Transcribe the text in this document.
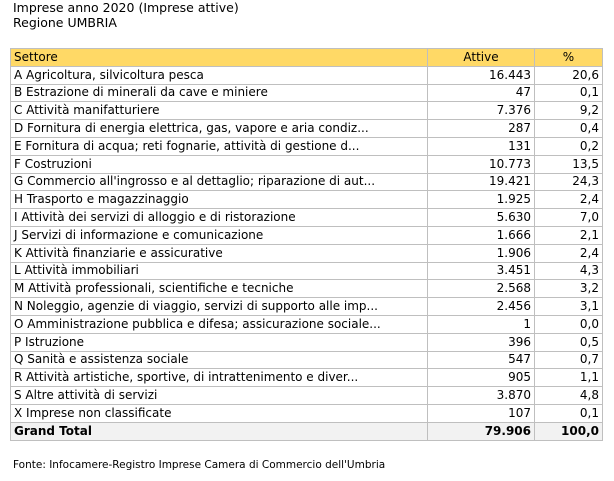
Imprese anno 2020 (Imprese attive)
Regione UMBRIA
Settore	Attive	%
A Agricoltura, silvicoltura pesca	16.443	20,6
B Estrazione di minerali da cave e miniere	47	0,1
C Attività manifatturiere	7.376	9,2
D Fornitura di energia elettrica, gas, vapore e aria condiz...	287	0,4
E Fornitura di acqua; reti fognarie, attività di gestione d...	131	0,2
F Costruzioni	10.773	13,5
G Commercio all'ingrosso e al dettaglio; riparazione di aut...	19.421	24,3
H Trasporto e magazzinaggio	1.925	2,4
I Attività dei servizi di alloggio e di ristorazione	5.630	7,0
J Servizi di informazione e comunicazione	1.666	2,1
K Attività finanziarie e assicurative	1.906	2,4
L Attività immobiliari	3.451	4,3
M Attività professionali, scientifiche e tecniche	2.568	3,2
N Noleggio, agenzie di viaggio, servizi di supporto alle imp...	2.456	3,1
O Amministrazione pubblica e difesa; assicurazione sociale...	1	0,0
P Istruzione	396	0,5
Q Sanità e assistenza sociale	547	0,7
R Attività artistiche, sportive, di intrattenimento e diver...	905	1,1
S Altre attività di servizi	3.870	4,8
X Imprese non classificate	107	0,1
Grand Total	79.906	100,0
Fonte: Infocamere-Registro Imprese Camera di Commercio dell'Umbria
